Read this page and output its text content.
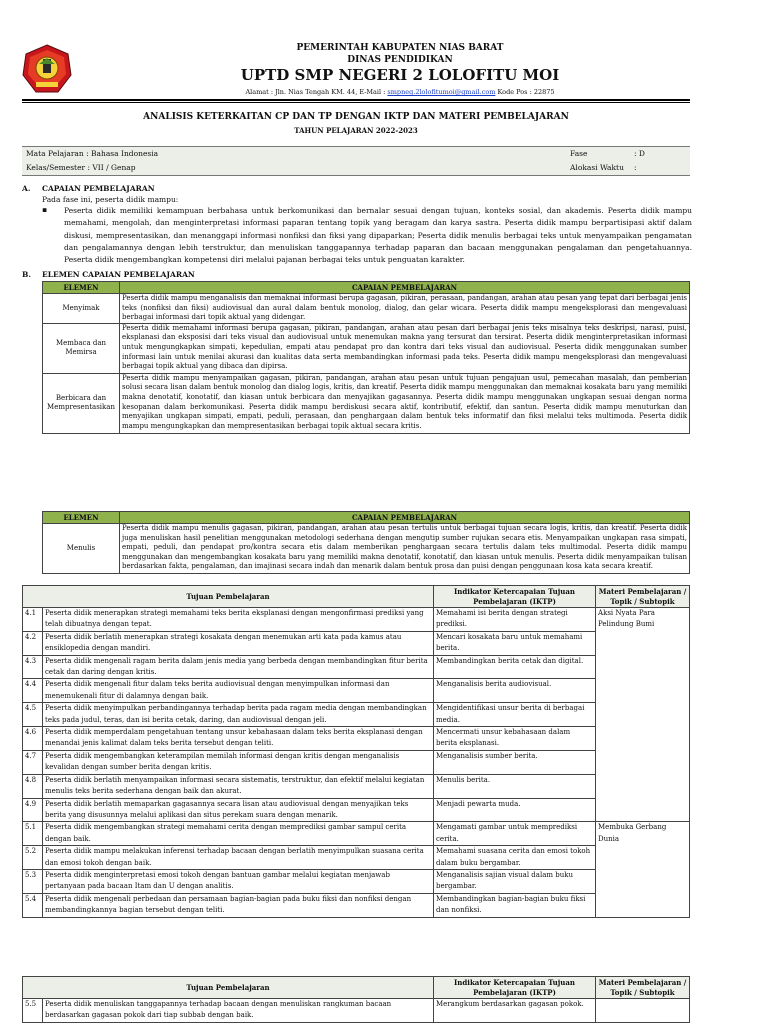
PEMERINTAH KABUPATEN NIAS BARAT
DINAS PENDIDIKAN
UPTD SMP NEGERI 2 LOLOFITU MOI
Alamat : Jln. Nias Tengah KM. 44, E-Mail : smpneg.2lolofitumoi@gmail.com Kode Pos : 22875
ANALISIS KETERKAITAN CP DAN TP DENGAN IKTP DAN MATERI PEMBELAJARAN
TAHUN PELAJARAN 2022-2023
Mata Pelajaran : Bahasa Indonesia
Kelas/Semester : VII / Genap
Fase	: D
Alokasi Waktu :
A. CAPAIAN PEMBELAJARAN
Pada fase ini, peserta didik mampu:
▪ Peserta didik memiliki kemampuan berbahasa untuk berkomunikasi dan bernalar sesuai dengan tujuan, konteks sosial, dan akademis. Peserta didik mampu memahami, mengolah, dan menginterpretasi informasi paparan tentang topik yang beragam dan karya sastra. Peserta didik mampu berpartisipasi aktif dalam diskusi, mempresentasikan, dan menanggapi informasi nonfiksi dan fiksi yang dipaparkan; Peserta didik menulis berbagai teks untuk menyampaikan pengamatan dan pengalamannya dengan lebih terstruktur, dan menuliskan tanggapannya terhadap paparan dan bacaan menggunakan pengalaman dan pengetahuannya. Peserta didik mengembangkan kompetensi diri melalui pajanan berbagai teks untuk penguatan karakter.
B. ELEMEN CAPAIAN PEMBELAJARAN
ELEMEN	CAPAIAN PEMBELAJARAN
Menyimak	Peserta didik mampu menganalisis dan memaknai informasi berupa gagasan, pikiran, perasaan, pandangan, arahan atau pesan yang tepat dari berbagai jenis teks (nonfiksi dan fiksi) audiovisual dan aural dalam bentuk monolog, dialog, dan gelar wicara. Peserta didik mampu mengeksplorasi dan mengevaluasi berbagai informasi dari topik aktual yang didengar.
Membaca dan Memirsa	Peserta didik memahami informasi berupa gagasan, pikiran, pandangan, arahan atau pesan dari berbagai jenis teks misalnya teks deskripsi, narasi, puisi, eksplanasi dan eksposisi dari teks visual dan audiovisual untuk menemukan makna yang tersurat dan tersirat. Peserta didik menginterpretasikan informasi untuk mengungkapkan simpati, kepedulian, empati atau pendapat pro dan kontra dari teks visual dan audiovisual. Peserta didik menggunakan sumber informasi lain untuk menilai akurasi dan kualitas data serta membandingkan informasi pada teks. Peserta didik mampu mengeksplorasi dan mengevaluasi berbagai topik aktual yang dibaca dan dipirsa.
Berbicara dan Mempresentasikan	Peserta didik mampu menyampaikan gagasan, pikiran, pandangan, arahan atau pesan untuk tujuan pengajuan usul, pemecahan masalah, dan pemberian solusi secara lisan dalam bentuk monolog dan dialog logis, kritis, dan kreatif. Peserta didik mampu menggunakan dan memaknai kosakata baru yang memiliki makna denotatif, konotatif, dan kiasan untuk berbicara dan menyajikan gagasannya. Peserta didik mampu menggunakan ungkapan sesuai dengan norma kesopanan dalam berkomunikasi. Peserta didik mampu berdiskusi secara aktif, kontributif, efektif, dan santun. Peserta didik mampu menuturkan dan menyajikan ungkapan simpati, empati, peduli, perasaan, dan penghargaan dalam bentuk teks informatif dan fiksi melalui teks multimoda. Peserta didik mampu mengungkapkan dan mempresentasikan berbagai topik aktual secara kritis.
ELEMEN	CAPAIAN PEMBELAJARAN
Menulis	Peserta didik mampu menulis gagasan, pikiran, pandangan, arahan atau pesan tertulis untuk berbagai tujuan secara logis, kritis, dan kreatif. Peserta didik juga menuliskan hasil penelitian menggunakan metodologi sederhana dengan mengutip sumber rujukan secara etis. Menyampaikan ungkapan rasa simpati, empati, peduli, dan pendapat pro/kontra secara etis dalam memberikan penghargaan secara tertulis dalam teks multimodal. Peserta didik mampu menggunakan dan mengembangkan kosakata baru yang memiliki makna denotatif, konotatif, dan kiasan untuk menulis. Peserta didik menyampaikan tulisan berdasarkan fakta, pengalaman, dan imajinasi secara indah dan menarik dalam bentuk prosa dan puisi dengan penggunaan kosa kata secara kreatif.
Tujuan Pembelajaran		Indikator Ketercapaian Tujuan Pembelajaran (IKTP)	Materi Pembelajaran / Topik / Subtopik
4.1	Peserta didik menerapkan strategi memahami teks berita eksplanasi dengan mengonfirmasi prediksi yang telah dibuatnya dengan tepat.	Memahami isi berita dengan strategi prediksi.	Aksi Nyata Para Pelindung Bumi
4.2	Peserta didik berlatih menerapkan strategi kosakata dengan menemukan arti kata pada kamus atau ensiklopedia dengan mandiri.	Mencari kosakata baru untuk memahami berita.	
4.3	Peserta didik mengenali ragam berita dalam jenis media yang berbeda dengan membandingkan fitur berita cetak dan daring dengan kritis.	Membandingkan berita cetak dan digital.	
4.4	Peserta didik mengenali fitur dalam teks berita audiovisual dengan menyimpulkan informasi dan menemukenali fitur di dalamnya dengan baik.	Menganalisis berita audiovisual.	
4.5	Peserta didik menyimpulkan perbandingannya terhadap berita pada ragam media dengan membandingkan teks pada judul, teras, dan isi berita cetak, daring, dan audiovisual dengan jeli.	Mengidentifikasi unsur berita di berbagai media.	
4.6	Peserta didik memperdalam pengetahuan tentang unsur kebahasaan dalam teks berita eksplanasi dengan menandai jenis kalimat dalam teks berita tersebut dengan teliti.	Mencermati unsur kebahasaan dalam berita eksplanasi.	
4.7	Peserta didik mengembangkan keterampilan memilah informasi dengan kritis dengan menganalisis kevalidan dengan sumber berita dengan kritis.	Menganalisis sumber berita.	
4.8	Peserta didik berlatih menyampaikan informasi secara sistematis, terstruktur, dan efektif melalui kegiatan menulis teks berita sederhana dengan baik dan akurat.	Menulis berita.	
4.9	Peserta didik berlatih memaparkan gagasannya secara lisan atau audiovisual dengan menyajikan teks berita yang disusunnya melalui aplikasi dan situs perekam suara dengan menarik.	Menjadi pewarta muda.	
5.1	Peserta didik mengembangkan strategi memahami cerita dengan memprediksi gambar sampul cerita dengan baik.	Mengamati gambar untuk memprediksi cerita.	Membuka Gerbang Dunia
5.2	Peserta didik mampu melakukan inferensi terhadap bacaan dengan berlatih menyimpulkan suasana cerita dan emosi tokoh dengan baik.	Memahami suasana cerita dan emosi tokoh dalam buku bergambar.	
5.3	Peserta didik menginterpretasi emosi tokoh dengan bantuan gambar melalui kegiatan menjawab pertanyaan pada bacaan Itam dan U dengan analitis.	Menganalisis sajian visual dalam buku bergambar.	
5.4	Peserta didik mengenali perbedaan dan persamaan bagian-bagian pada buku fiksi dan nonfiksi dengan membandingkannya bagian tersebut dengan teliti.	Membandingkan bagian-bagian buku fiksi dan nonfiksi.	
Tujuan Pembelajaran		Indikator Ketercapaian Tujuan Pembelajaran (IKTP)	Materi Pembelajaran / Topik / Subtopik
5.5	Peserta didik menuliskan tanggapannya terhadap bacaan dengan menuliskan rangkuman bacaan berdasarkan gagasan pokok dari tiap subbab dengan baik.	Merangkum berdasarkan gagasan pokok.	
